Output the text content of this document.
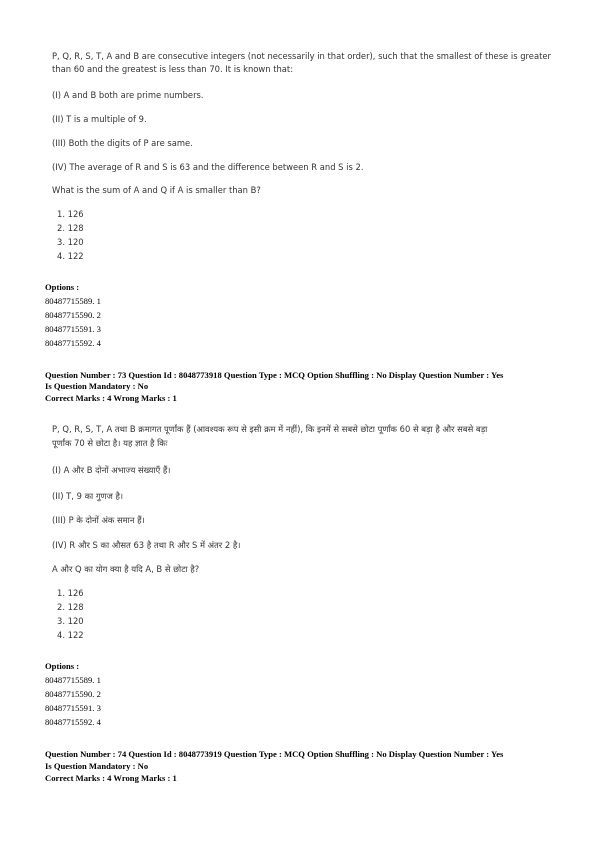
P, Q, R, S, T, A and B are consecutive integers (not necessarily in that order), such that the smallest of these is greater
than 60 and the greatest is less than 70. It is known that:
(I) A and B both are prime numbers.
(II) T is a multiple of 9.
(III) Both the digits of P are same.
(IV) The average of R and S is 63 and the difference between R and S is 2.
What is the sum of A and Q if A is smaller than B?
1. 126
2. 128
3. 120
4. 122
Options :
80487715589. 1
80487715590. 2
80487715591. 3
80487715592. 4
Question Number : 73 Question Id : 8048773918 Question Type : MCQ Option Shuffling : No Display Question Number : Yes
Is Question Mandatory : No
Correct Marks : 4 Wrong Marks : 1
P, Q, R, S, T, A तथा B क्रमागत पूर्णांक हैं (आवश्यक रूप से इसी क्रम में नहीं), कि इनमें से सबसे छोटा पूर्णांक 60 से बड़ा है और सबसे बड़ा
पूर्णांक 70 से छोटा है। यह ज्ञात है किः
(I) A और B दोनों अभाज्य संख्याएँ हैं।
(II) T, 9 का गुणज है।
(III) P के दोनों अंक समान हैं।
(IV) R और S का औसत 63 है तथा R और S में अंतर 2 है।
A और Q का योग क्या है यदि A, B से छोटा है?
1. 126
2. 128
3. 120
4. 122
Options :
80487715589. 1
80487715590. 2
80487715591. 3
80487715592. 4
Question Number : 74 Question Id : 8048773919 Question Type : MCQ Option Shuffling : No Display Question Number : Yes
Is Question Mandatory : No
Correct Marks : 4 Wrong Marks : 1
